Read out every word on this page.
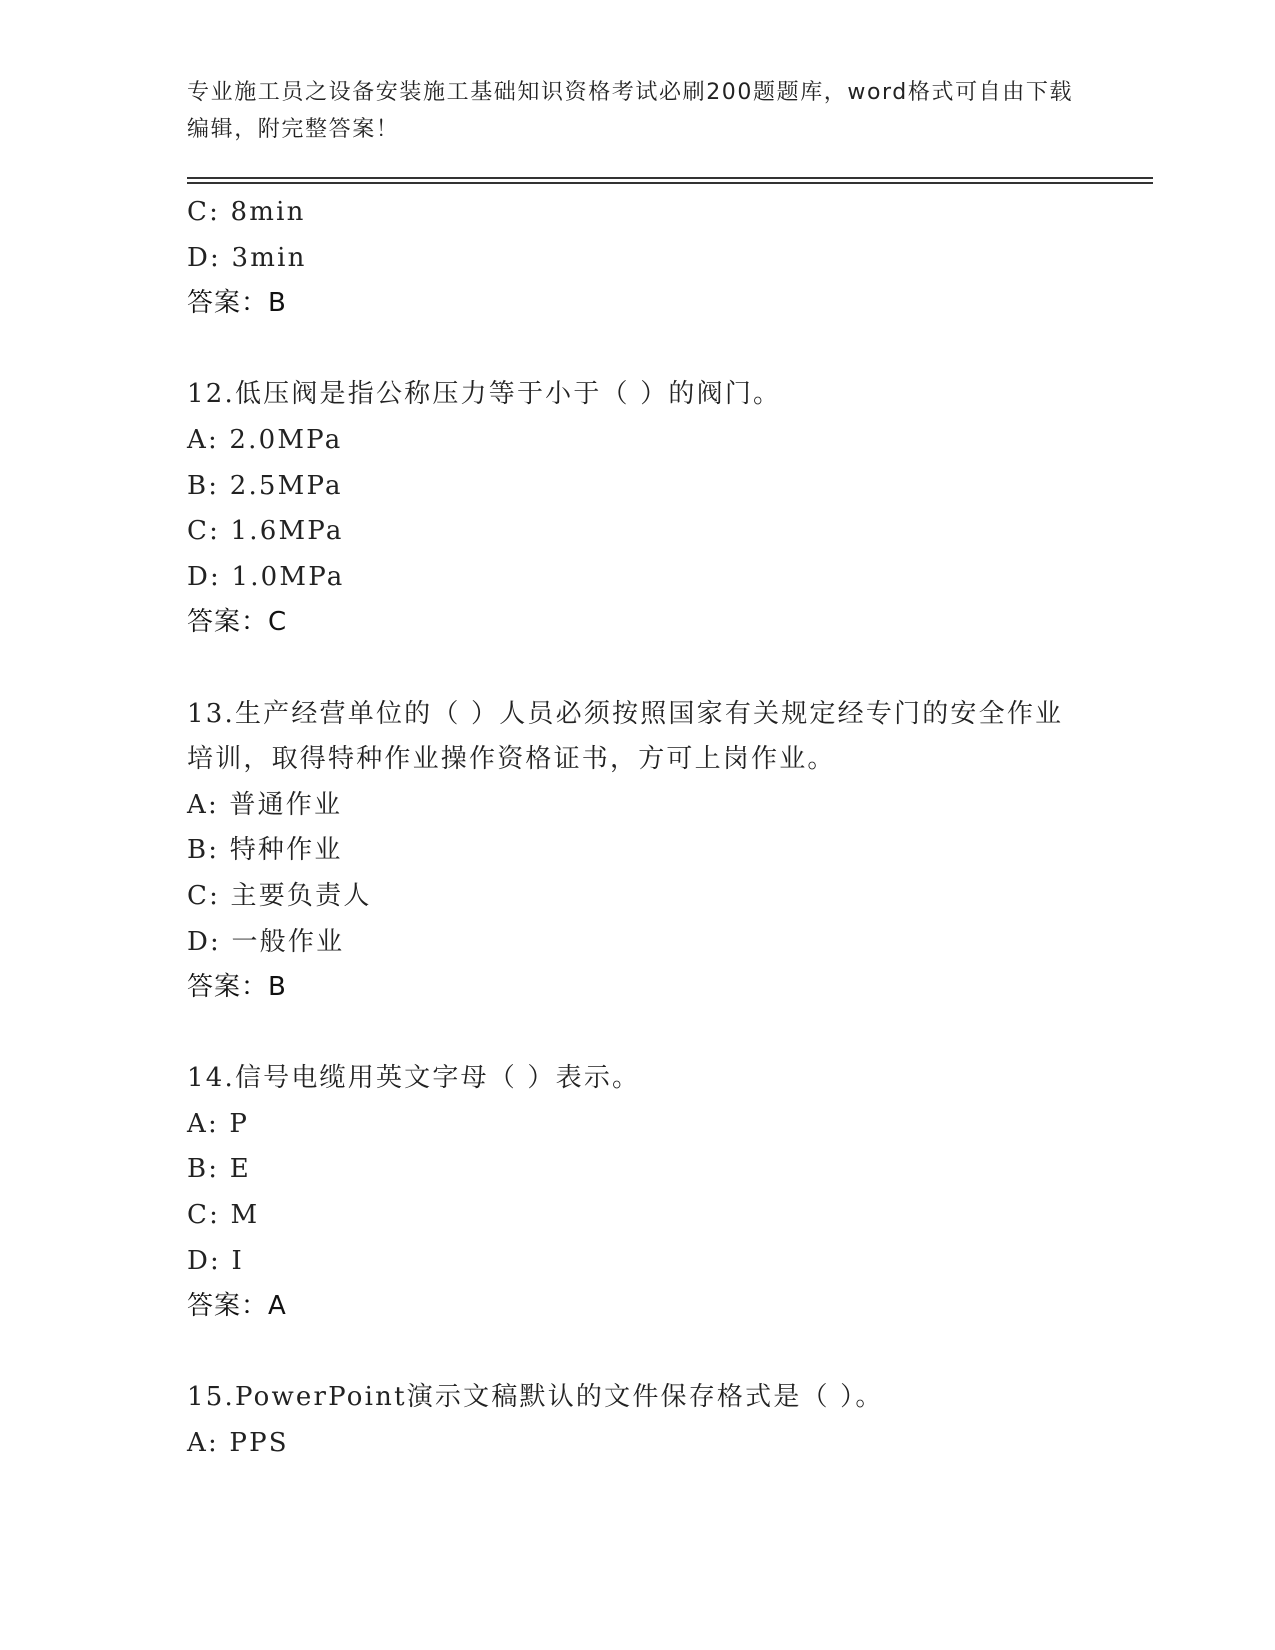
专业施工员之设备安装施工基础知识资格考试必刷200题题库，word格式可自由下载编辑，附完整答案！
C: 8min
D: 3min
答案：B
12.低压阀是指公称压力等于小于（ ）的阀门。
A: 2.0MPa
B: 2.5MPa
C: 1.6MPa
D: 1.0MPa
答案：C
13.生产经营单位的（ ）人员必须按照国家有关规定经专门的安全作业培训，取得特种作业操作资格证书，方可上岗作业。
A: 普通作业
B: 特种作业
C: 主要负责人
D: 一般作业
答案：B
14.信号电缆用英文字母（ ）表示。
A: P
B: E
C: M
D: I
答案：A
15.PowerPoint演示文稿默认的文件保存格式是（ ）。
A: PPS
